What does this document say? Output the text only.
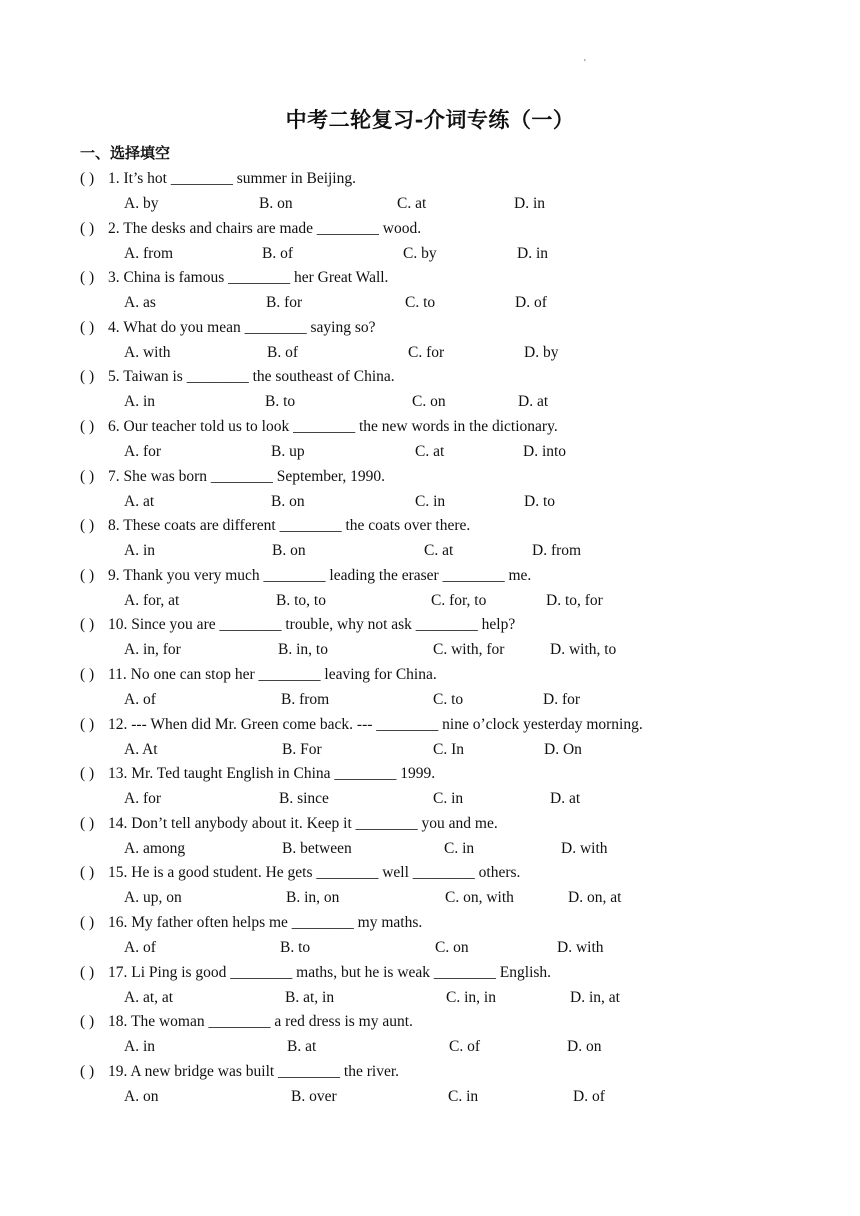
'
中考二轮复习-介词专练（一）
一、选择填空
( ) 1. It’s hot ________ summer in Beijing.
A. by	B. on	C. at	D. in
( ) 2. The desks and chairs are made ________ wood.
A. from	B. of	C. by	D. in
( ) 3. China is famous ________ her Great Wall.
A. as	B. for	C. to	D. of
( ) 4. What do you mean ________ saying so?
A. with	B. of	C. for	D. by
( ) 5. Taiwan is ________ the southeast of China.
A. in	B. to	C. on	D. at
( ) 6. Our teacher told us to look ________ the new words in the dictionary.
A. for	B. up	C. at	D. into
( ) 7. She was born ________ September, 1990.
A. at	B. on	C. in	D. to
( ) 8. These coats are different ________ the coats over there.
A. in	B. on	C. at	D. from
( ) 9. Thank you very much ________ leading the eraser ________ me.
A. for, at	B. to, to	C. for, to	D. to, for
( ) 10. Since you are ________ trouble, why not ask ________ help?
A. in, for	B. in, to	C. with, for	D. with, to
( ) 11. No one can stop her ________ leaving for China.
A. of	B. from	C. to	D. for
( ) 12. --- When did Mr. Green come back. --- ________ nine o’clock yesterday morning.
A. At	B. For	C. In	D. On
( ) 13. Mr. Ted taught English in China ________ 1999.
A. for	B. since	C. in	D. at
( ) 14. Don’t tell anybody about it. Keep it ________ you and me.
A. among	B. between	C. in	D. with
( ) 15. He is a good student. He gets ________ well ________ others.
A. up, on	B. in, on	C. on, with	D. on, at
( ) 16. My father often helps me ________ my maths.
A. of	B. to	C. on	D. with
( ) 17. Li Ping is good ________ maths, but he is weak ________ English.
A. at, at	B. at, in	C. in, in	D. in, at
( ) 18. The woman ________ a red dress is my aunt.
A. in	B. at	C. of	D. on
( ) 19. A new bridge was built ________ the river.
A. on	B. over	C. in	D. of
